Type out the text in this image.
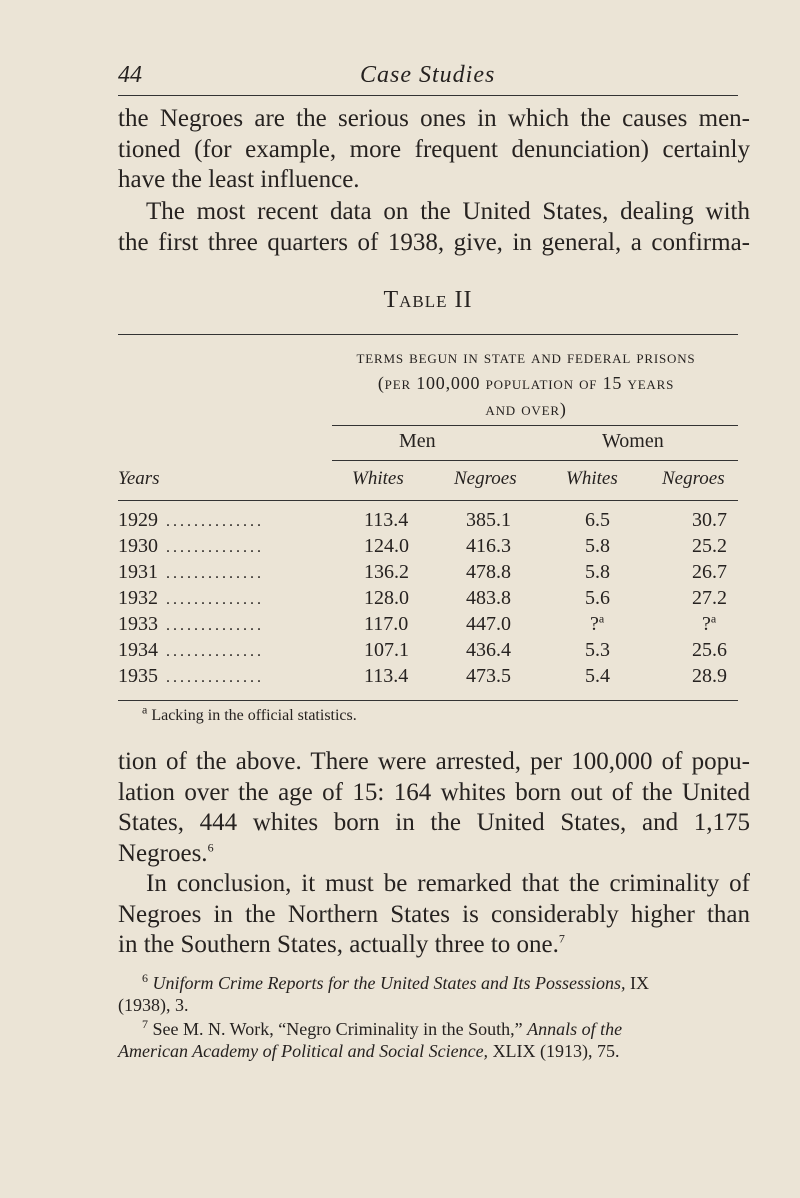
44	Case Studies
the Negroes are the serious ones in which the causes men-
tioned (for example, more frequent denunciation) certainly
have the least influence.
The most recent data on the United States, dealing with
the first three quarters of 1938, give, in general, a confirma-
Table II
terms begun in state and federal prisons
(per 100,000 population of 15 years
and over)
Men	Women
Years	Whites	Negroes	Whites Negroes
1929 ..............	113.4	385.1	6.5	30.7
1930 ..............	124.0	416.3	5.8	25.2
1931 ..............	136.2	478.8	5.8	26.7
1932 ..............	128.0	483.8	5.6	27.2
1933 ..............	117.0	447.0	?$^a$	?$^a$
1934 ..............	107.1	436.4	5.3	25.6
1935 ..............	113.4	473.5	5.4	28.9
$^a$ Lacking in the official statistics.
tion of the above. There were arrested, per 100,000 of popu-
lation over the age of 15: 164 whites born out of the United
States, 444 whites born in the United States, and 1,175
Negroes.$^6$
In conclusion, it must be remarked that the criminality of
Negroes in the Northern States is considerably higher than
in the Southern States, actually three to one.$^7$
$^6$ Uniform Crime Reports for the United States and Its Possessions, IX
(1938), 3.
$^7$ See M. N. Work, “Negro Criminality in the South,” Annals of the
American Academy of Political and Social Science, XLIX (1913), 75.
